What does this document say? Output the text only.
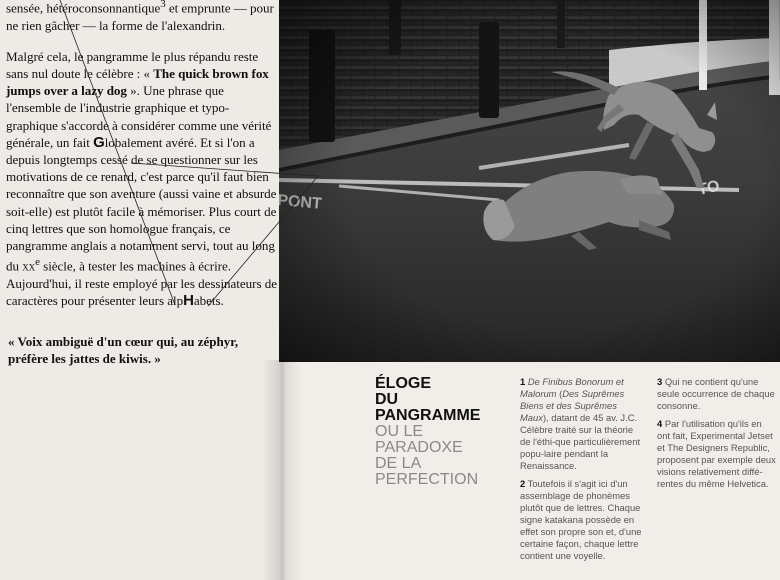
sensée, hétéroconsonnantique$^3$ et emprunte — pour ne rien gâcher — la forme de l'alexandrin.

Malgré cela, le pangramme le plus répandu reste sans nul doute le célèbre : « The quick brown fox jumps over a lazy dog ». Une phrase que l'ensemble de l'industrie graphique et typo-graphique s'accorde à considérer comme une vérité générale, un fait Globalement avéré. Et si l'on a depuis longtemps cessé de se questionner sur les motivations de ce renard, c'est parce qu'il faut bien reconnaître que son aventure (aussi vaine et absurde soit-elle) est plutôt facile à mémoriser. Plus court de cinq lettres que son homologue français, ce pangramme anglais a notamment servi, tout au long du $xx^e$ siècle, à tester les machines à écrire. Aujourd'hui, il reste employé par les dessinateurs de caractères pour présenter leurs alpHabets.

« Voix ambiguë d'un cœur qui, au zéphyr, préfère les jattes de kiwis. »
ÉLOGE
DU
PANGRAMME
OU LE
PARADOXE
DE LA
PERFECTION

1 De Finibus Bonorum et Malorum (Des Suprêmes Biens et des Suprêmes Maux), datant de 45 av. J.C. Célèbre traité sur la théorie de l'éthi-que particulièrement popu-laire pendant la Renaissance.

2 Toutefois il s'agit ici d'un assemblage de phonèmes plutôt que de lettres. Chaque signe katakana possède en effet son propre son et, d'une certaine façon, chaque lettre contient une voyelle.

3 Qui ne contient qu'une seule occurrence de chaque consonne.

4 Par l'utilisation qu'ils en ont fait, Experimental Jetset et The Designers Republic, proposent par exemple deux visions relativement diffé-rentes du même Helvetica.
